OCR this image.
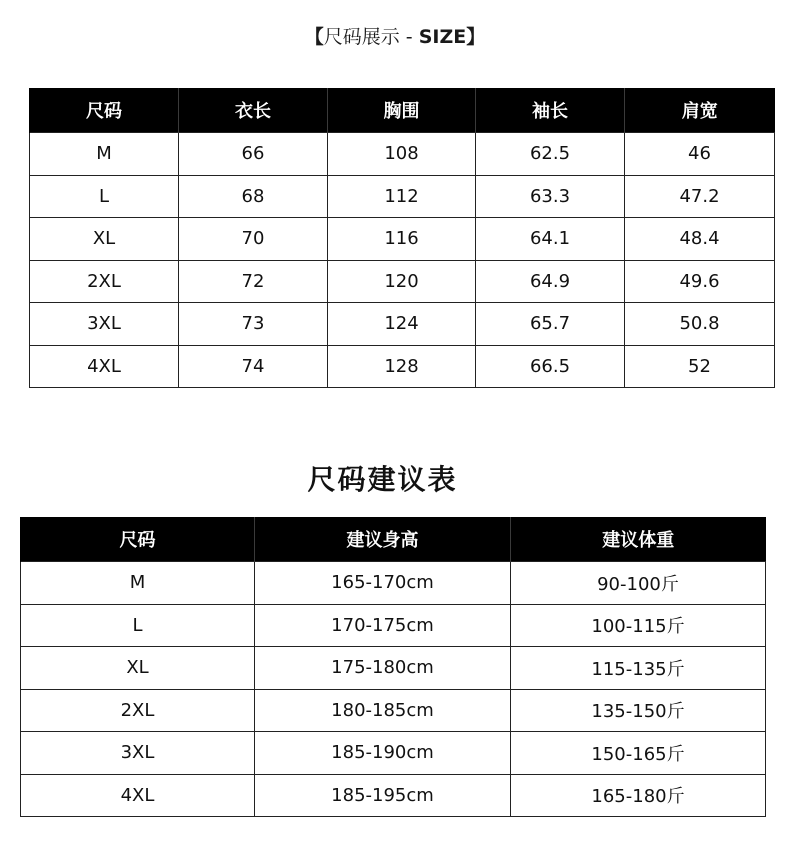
【尺码展示 - SIZE】
尺码	衣长	胸围	袖长	肩宽
M	66	108	62.5	46
L	68	112	63.3	47.2
XL	70	116	64.1	48.4
2XL	72	120	64.9	49.6
3XL	73	124	65.7	50.8
4XL	74	128	66.5	52
尺码建议表
尺码	建议身高	建议体重
M	165-170cm	90-100斤
L	170-175cm	100-115斤
XL	175-180cm	115-135斤
2XL	180-185cm	135-150斤
3XL	185-190cm	150-165斤
4XL	185-195cm	165-180斤
